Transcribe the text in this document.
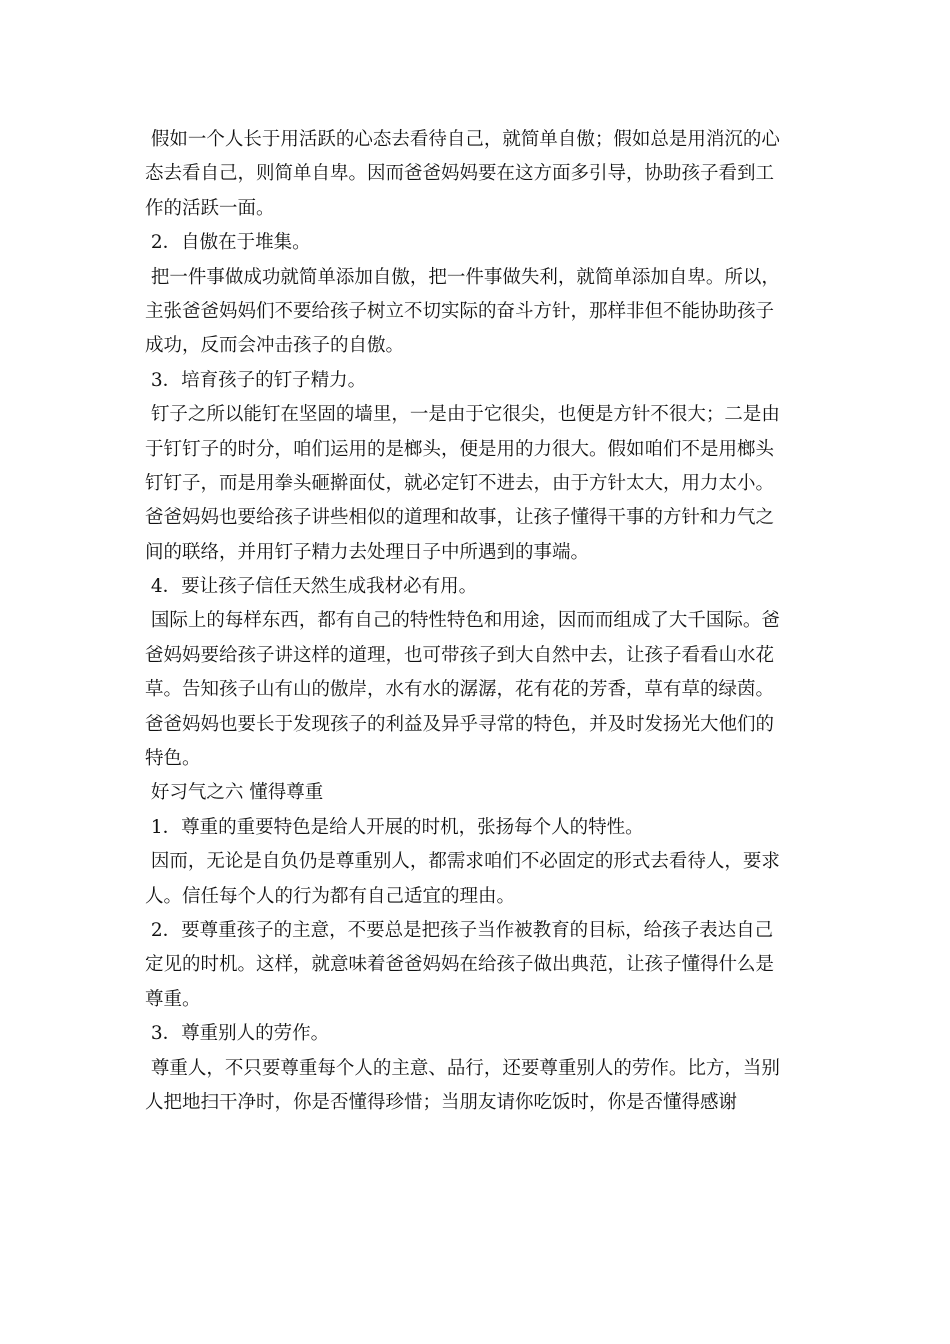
假如一个人长于用活跃的心态去看待自己，就简单自傲；假如总是用消沉的心
态去看自己，则简单自卑。因而爸爸妈妈要在这方面多引导，协助孩子看到工
作的活跃一面。
2．自傲在于堆集。
把一件事做成功就简单添加自傲，把一件事做失利，就简单添加自卑。所以，
主张爸爸妈妈们不要给孩子树立不切实际的奋斗方针，那样非但不能协助孩子
成功，反而会冲击孩子的自傲。
3．培育孩子的钉子精力。
钉子之所以能钉在坚固的墙里，一是由于它很尖，也便是方针不很大；二是由
于钉钉子的时分，咱们运用的是榔头，便是用的力很大。假如咱们不是用榔头
钉钉子，而是用拳头砸擀面仗，就必定钉不进去，由于方针太大，用力太小。
爸爸妈妈也要给孩子讲些相似的道理和故事，让孩子懂得干事的方针和力气之
间的联络，并用钉子精力去处理日子中所遇到的事端。
4．要让孩子信任天然生成我材必有用。
国际上的每样东西，都有自己的特性特色和用途，因而而组成了大千国际。爸
爸妈妈要给孩子讲这样的道理，也可带孩子到大自然中去，让孩子看看山水花
草。告知孩子山有山的傲岸，水有水的潺潺，花有花的芳香，草有草的绿茵。
爸爸妈妈也要长于发现孩子的利益及异乎寻常的特色，并及时发扬光大他们的
特色。
好习气之六 懂得尊重
1．尊重的重要特色是给人开展的时机，张扬每个人的特性。
因而，无论是自负仍是尊重别人，都需求咱们不必固定的形式去看待人，要求
人。信任每个人的行为都有自己适宜的理由。
2．要尊重孩子的主意，不要总是把孩子当作被教育的目标，给孩子表达自己
定见的时机。这样，就意味着爸爸妈妈在给孩子做出典范，让孩子懂得什么是
尊重。
3．尊重别人的劳作。
尊重人，不只要尊重每个人的主意、品行，还要尊重别人的劳作。比方，当别
人把地扫干净时，你是否懂得珍惜；当朋友请你吃饭时，你是否懂得感谢
